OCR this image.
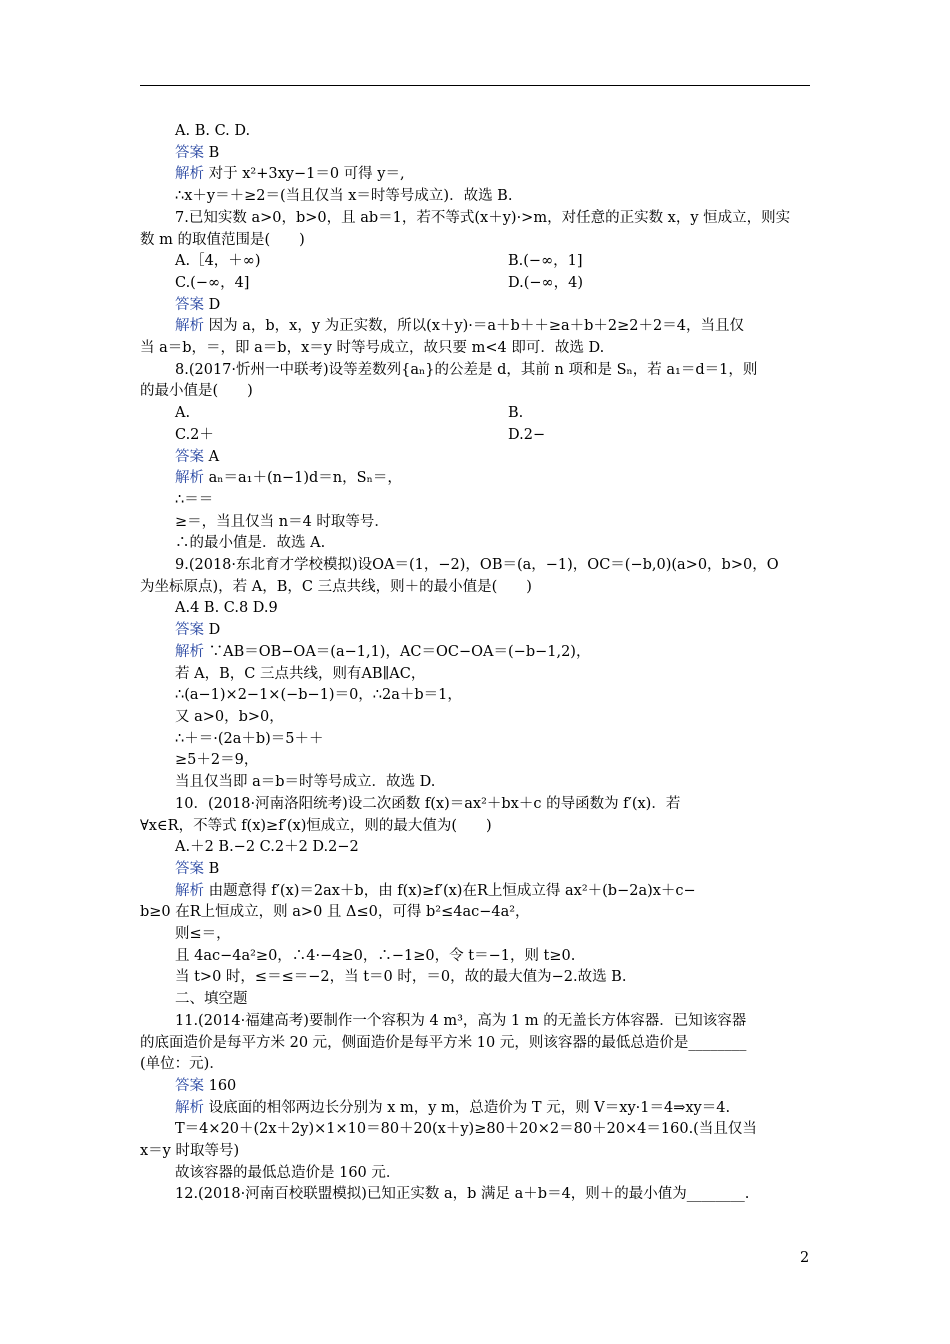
A. B. C. D.
答案 B
解析 对于 x²+3xy−1＝0 可得 y＝,
∴x＋y＝＋≥2＝(当且仅当 x＝时等号成立)．故选 B.
7.已知实数 a>0，b>0，且 ab＝1，若不等式(x＋y)·>m，对任意的正实数 x，y 恒成立，则实
数 m 的取值范围是(　　)
A.［4，＋∞)	B.(−∞，1]
C.(−∞，4]	D.(−∞，4)
答案 D
解析 因为 a，b，x，y 为正实数，所以(x＋y)·＝a＋b＋＋≥a＋b＋2≥2＋2＝4，当且仅
当 a＝b，＝，即 a＝b，x＝y 时等号成立，故只要 m<4 即可．故选 D.
8.(2017·忻州一中联考)设等差数列{aₙ}的公差是 d，其前 n 项和是 Sₙ，若 a₁＝d＝1，则
的最小值是(　　)
A.	B.
C.2＋	D.2−
答案 A
解析 aₙ＝a₁＋(n−1)d＝n，Sₙ＝，
∴＝＝
≥＝，当且仅当 n＝4 时取等号．
∴的最小值是．故选 A.
9.(2018·东北育才学校模拟)设OA＝(1，−2)，OB＝(a，−1)，OC＝(−b,0)(a>0，b>0，O
为坐标原点)，若 A，B，C 三点共线，则＋的最小值是(　　)
A.4 B. C.8 D.9
答案 D
解析 ∵AB＝OB−OA＝(a−1,1)，AC＝OC−OA＝(−b−1,2)，
若 A，B，C 三点共线，则有AB∥AC，
∴(a−1)×2−1×(−b−1)＝0，∴2a＋b＝1，
又 a>0，b>0，
∴＋＝·(2a＋b)＝5＋＋
≥5＋2＝9，
当且仅当即 a＝b＝时等号成立．故选 D.
10．(2018·河南洛阳统考)设二次函数 f(x)＝ax²＋bx＋c 的导函数为 f′(x)．若
∀x∈R，不等式 f(x)≥f′(x)恒成立，则的最大值为(　　)
A.＋2 B.−2 C.2＋2 D.2−2
答案 B
解析 由题意得 f′(x)＝2ax＋b，由 f(x)≥f′(x)在R上恒成立得 ax²＋(b−2a)x＋c−
b≥0 在R上恒成立，则 a>0 且 Δ≤0，可得 b²≤4ac−4a²，
则≤＝，
且 4ac−4a²≥0，∴4·−4≥0，∴−1≥0，令 t＝−1，则 t≥0.
当 t>0 时，≤＝≤＝−2，当 t＝0 时，＝0，故的最大值为−2.故选 B.
二、填空题
11.(2014·福建高考)要制作一个容积为 4 m³，高为 1 m 的无盖长方体容器．已知该容器
的底面造价是每平方米 20 元，侧面造价是每平方米 10 元，则该容器的最低总造价是________
(单位：元)．
答案 160
解析 设底面的相邻两边长分别为 x m，y m，总造价为 T 元，则 V＝xy·1＝4⇒xy＝4.
T＝4×20＋(2x＋2y)×1×10＝80＋20(x＋y)≥80＋20×2＝80＋20×4＝160.(当且仅当
x＝y 时取等号)
故该容器的最低总造价是 160 元．
12.(2018·河南百校联盟模拟)已知正实数 a，b 满足 a＋b＝4，则＋的最小值为________.
2
